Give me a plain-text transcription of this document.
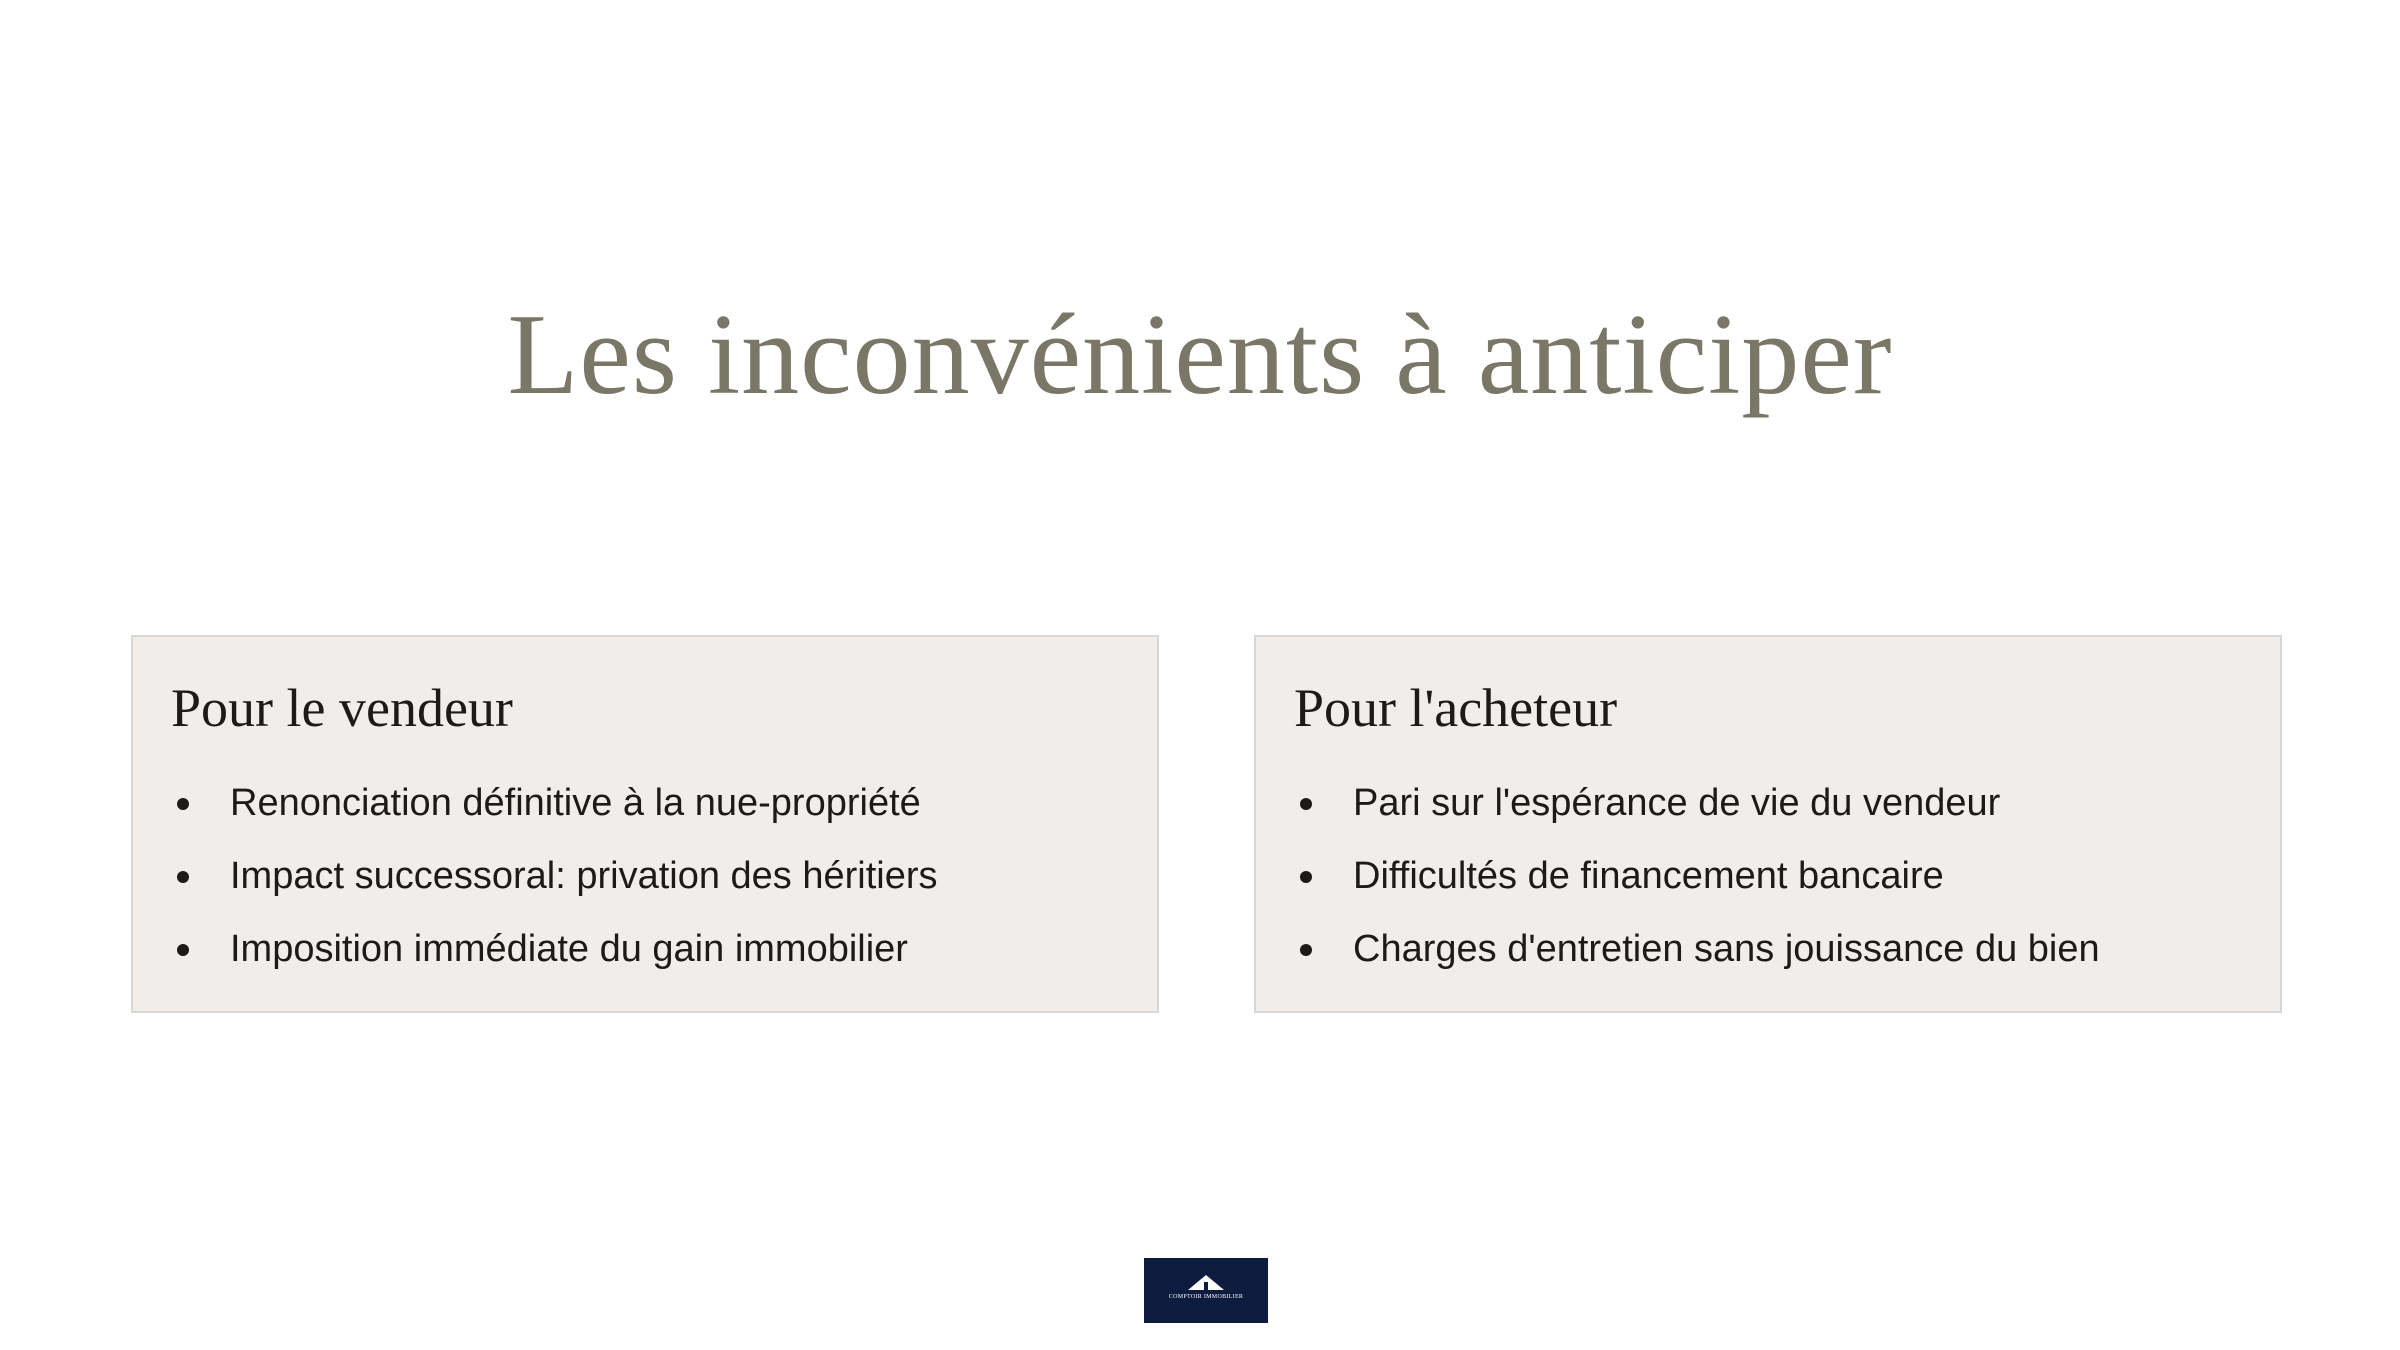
Les inconvénients à anticiper
Pour le vendeur
Renonciation définitive à la nue-propriété
Impact successoral: privation des héritiers
Imposition immédiate du gain immobilier
Pour l'acheteur
Pari sur l'espérance de vie du vendeur
Difficultés de financement bancaire
Charges d'entretien sans jouissance du bien
COMPTOIR IMMOBILIER
